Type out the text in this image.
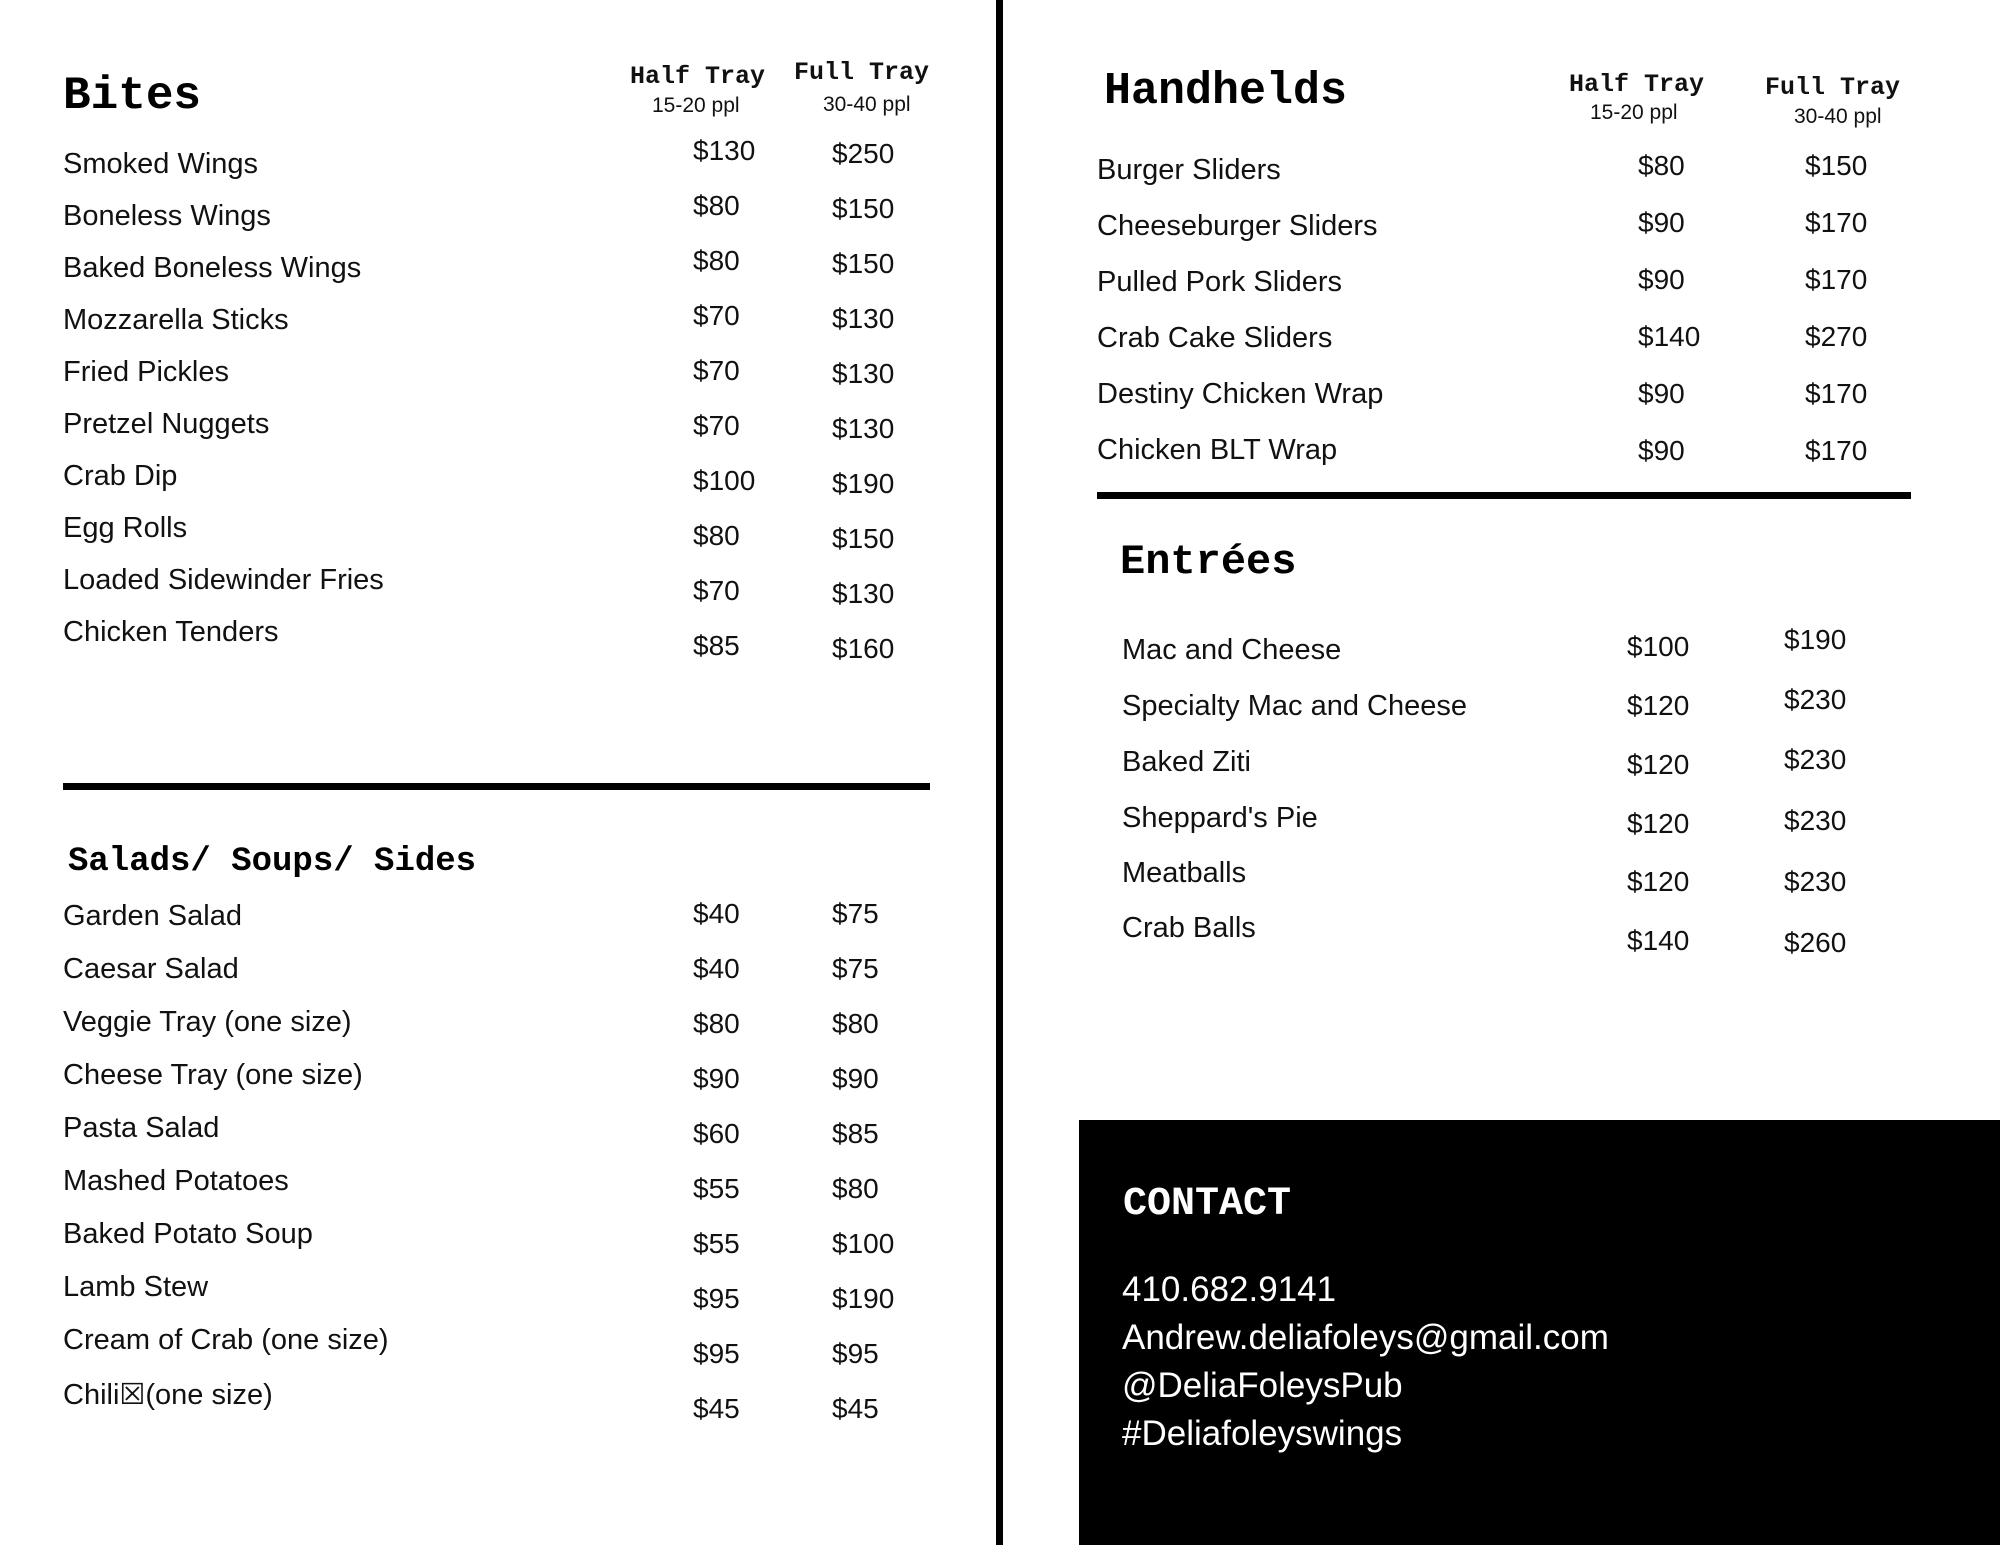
Bites	Half Tray
15-20 ppl
Full Tray
30-40 ppl
Smoked Wings	$130	$250
Boneless Wings	$80	$150
Baked Boneless Wings	$80	$150
Mozzarella Sticks	$70	$130
Fried Pickles	$70	$130
Pretzel Nuggets	$70	$130
Crab Dip	$100	$190
Egg Rolls	$80	$150
Loaded Sidewinder Fries	$70	$130
Chicken Tenders	$85	$160
Salads/ Soups/ Sides
Garden Salad	$40	$75
Caesar Salad	$40	$75
Veggie Tray (one size)	$80	$80
Cheese Tray (one size)	$90	$90
Pasta Salad	$60	$85
Mashed Potatoes	$55	$80
Baked Potato Soup	$55	$100
Lamb Stew	$95	$190
Cream of Crab (one size)	$95	$95
Chili☒(one size)	$45	$45
Handhelds	Half Tray
15-20 ppl
Full Tray
30-40 ppl
Burger Sliders	$80	$150
Cheeseburger Sliders	$90	$170
Pulled Pork Sliders	$90	$170
Crab Cake Sliders	$140	$270
Destiny Chicken Wrap	$90	$170
Chicken BLT Wrap	$90	$170
Entrées
Mac and Cheese	$100	$190
Specialty Mac and Cheese	$120	$230
Baked Ziti	$120	$230
Sheppard's Pie	$120	$230
Meatballs	$120	$230
Crab Balls	$140	$260
CONTACT
410.682.9141
Andrew.deliafoleys@gmail.com
@DeliaFoleysPub
#Deliafoleyswings
